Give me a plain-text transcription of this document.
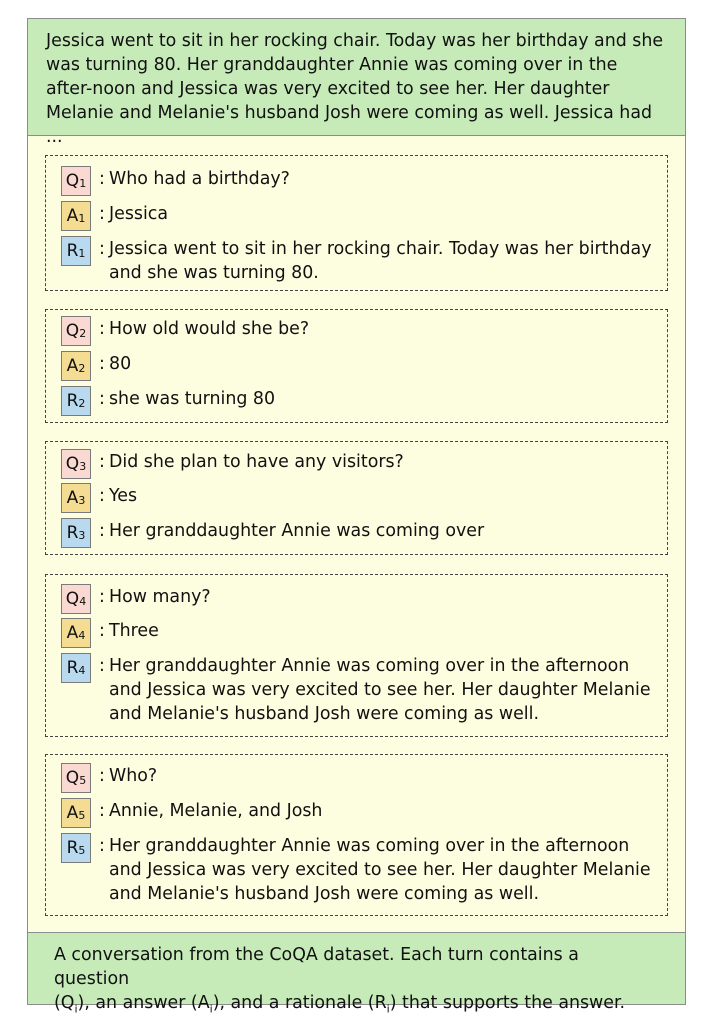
Jessica went to sit in her rocking chair. Today was her birthday and she was turning 80. Her granddaughter Annie was coming over in the after-noon and Jessica was very excited to see her. Her daughter Melanie and Melanie's husband Josh were coming as well. Jessica had ...
$Q_1$ : Who had a birthday?
$A_1$ : Jessica
$R_1$ : Jessica went to sit in her rocking chair. Today was her birthday and she was turning 80.
$Q_2$ : How old would she be?
$A_2$ : 80
$R_2$ : she was turning 80
$Q_3$ : Did she plan to have any visitors?
$A_3$ : Yes
$R_3$ : Her granddaughter Annie was coming over
$Q_4$ : How many?
$A_4$ : Three
$R_4$ : Her granddaughter Annie was coming over in the afternoon and Jessica was very excited to see her. Her daughter Melanie and Melanie's husband Josh were coming as well.
$Q_5$ : Who?
$A_5$ : Annie, Melanie, and Josh
$R_5$ : Her granddaughter Annie was coming over in the afternoon and Jessica was very excited to see her. Her daughter Melanie and Melanie's husband Josh were coming as well.
A conversation from the CoQA dataset. Each turn contains a question
$(Q_i)$, an answer $(A_i)$, and a rationale $(R_i)$ that supports the answer.
